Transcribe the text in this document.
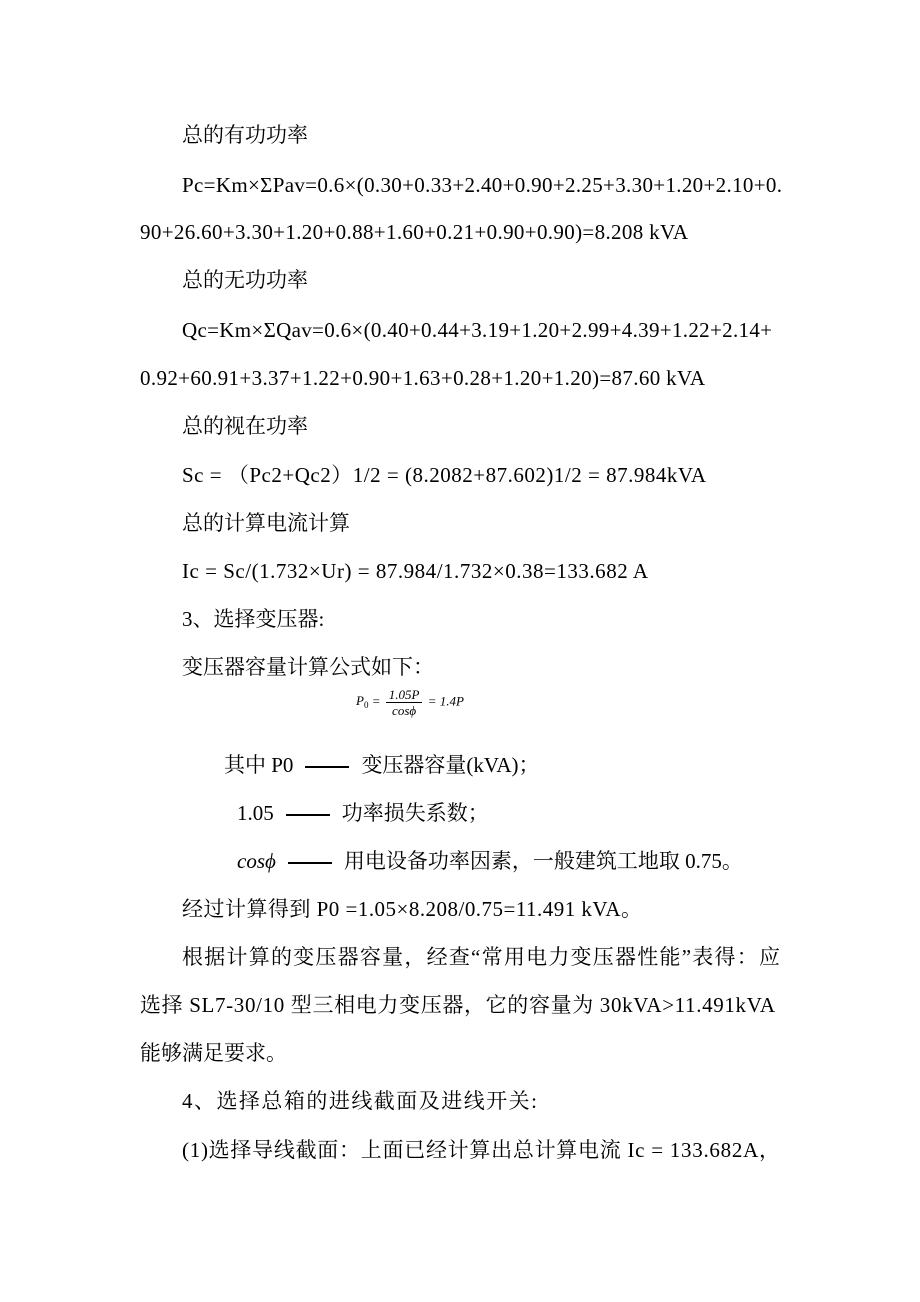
总的有功功率
Pc=Km×ΣPav=0.6×(0.30+0.33+2.40+0.90+2.25+3.30+1.20+2.10+0.
90+26.60+3.30+1.20+0.88+1.60+0.21+0.90+0.90)=8.208 kVA
总的无功功率
Qc=Km×ΣQav=0.6×(0.40+0.44+3.19+1.20+2.99+4.39+1.22+2.14+
0.92+60.91+3.37+1.22+0.90+1.63+0.28+1.20+1.20)=87.60 kVA
总的视在功率
Sc = （Pc2+Qc2）1/2 = (8.2082+87.602)1/2 = 87.984kVA
总的计算电流计算
Ic = Sc/(1.732×Ur) = 87.984/1.732×0.38=133.682 A
3、选择变压器:
变压器容量计算公式如下：
$P_0 = \frac{1.05P}{\cos\phi} = 1.4P$
其中 P0	变压器容量(kVA)；
1.05	功率损失系数；
cosϕ	用电设备功率因素，一般建筑工地取 0.75。
经过计算得到 P0 =1.05×8.208/0.75=11.491 kVA。
根据计算的变压器容量，经查“常用电力变压器性能”表得：应
选择 SL7-30/10 型三相电力变压器，它的容量为 30kVA>11.491kVA
能够满足要求。
4、选择总箱的进线截面及进线开关:
(1)选择导线截面：上面已经计算出总计算电流 Ic = 133.682A，
